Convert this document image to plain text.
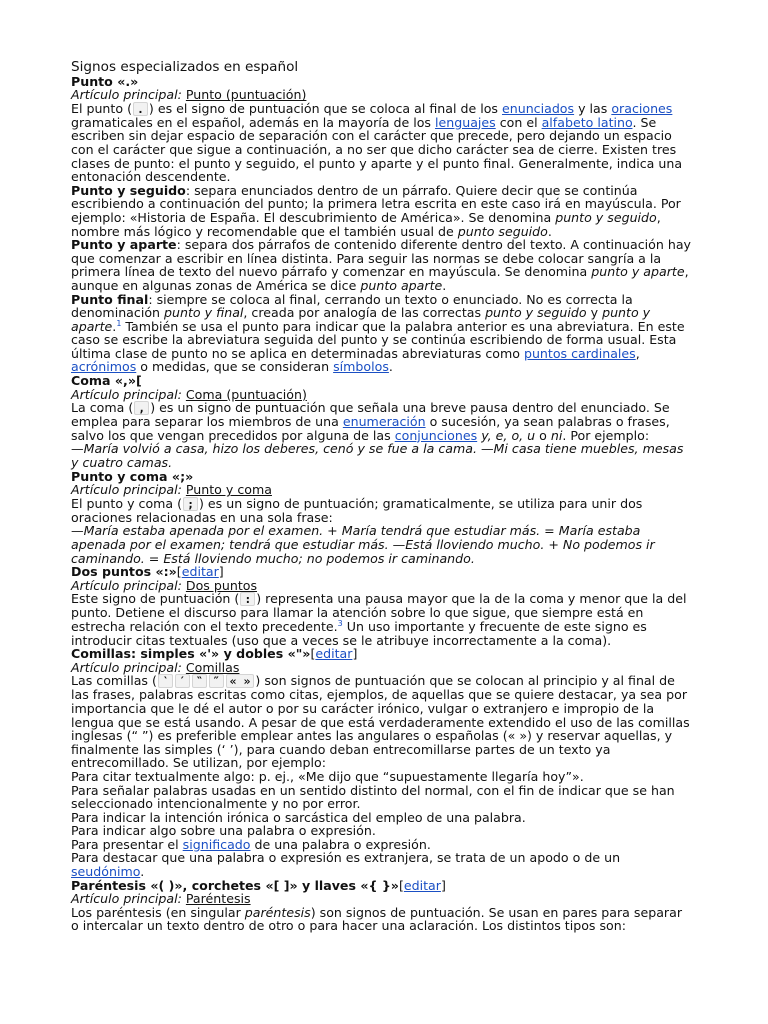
Signos especializados en español
Punto «.»
Artículo principal: Punto (puntuación)
El punto ( . ) es el signo de puntuación que se coloca al final de los enunciados y las oraciones gramaticales en el español, además en la mayoría de los lenguajes con el alfabeto latino. Se escriben sin dejar espacio de separación con el carácter que precede, pero dejando un espacio con el carácter que sigue a continuación, a no ser que dicho carácter sea de cierre. Existen tres clases de punto: el punto y seguido, el punto y aparte y el punto final. Generalmente, indica una entonación descendente.
Punto y seguido: separa enunciados dentro de un párrafo. Quiere decir que se continúa escribiendo a continuación del punto; la primera letra escrita en este caso irá en mayúscula. Por ejemplo: «Historia de España. El descubrimiento de América». Se denomina punto y seguido, nombre más lógico y recomendable que el también usual de punto seguido.
Punto y aparte: separa dos párrafos de contenido diferente dentro del texto. A continuación hay que comenzar a escribir en línea distinta. Para seguir las normas se debe colocar sangría a la primera línea de texto del nuevo párrafo y comenzar en mayúscula. Se denomina punto y aparte, aunque en algunas zonas de América se dice punto aparte.
Punto final: siempre se coloca al final, cerrando un texto o enunciado. No es correcta la denominación punto y final, creada por analogía de las correctas punto y seguido y punto y aparte.$^1$ También se usa el punto para indicar que la palabra anterior es una abreviatura. En este caso se escribe la abreviatura seguida del punto y se continúa escribiendo de forma usual. Esta última clase de punto no se aplica en determinadas abreviaturas como puntos cardinales, acrónimos o medidas, que se consideran símbolos.
Coma «,»[
Artículo principal: Coma (puntuación)
La coma ( , ) es un signo de puntuación que señala una breve pausa dentro del enunciado. Se emplea para separar los miembros de una enumeración o sucesión, ya sean palabras o frases, salvo los que vengan precedidos por alguna de las conjunciones y, e, o, u o ni. Por ejemplo:
—María volvió a casa, hizo los deberes, cenó y se fue a la cama. —Mi casa tiene muebles, mesas y cuatro camas.
Punto y coma «;»
Artículo principal: Punto y coma
El punto y coma ( ; ) es un signo de puntuación; gramaticalmente, se utiliza para unir dos oraciones relacionadas en una sola frase:
—María estaba apenada por el examen. + María tendrá que estudiar más. = María estaba apenada por el examen; tendrá que estudiar más. —Está lloviendo mucho. + No podemos ir caminando. = Está lloviendo mucho; no podemos ir caminando.
Dos puntos «:»[editar]
Artículo principal: Dos puntos
Este signo de puntuación ( : ) representa una pausa mayor que la de la coma y menor que la del punto. Detiene el discurso para llamar la atención sobre lo que sigue, que siempre está en estrecha relación con el texto precedente.$^3$ Un uso importante y frecuente de este signo es introducir citas textuales (uso que a veces se le atribuye incorrectamente a la coma).
Comillas: simples «'» y dobles «"»[editar]
Artículo principal: Comillas
Las comillas ( ‵ ′ ‶ ″ « » ) son signos de puntuación que se colocan al principio y al final de las frases, palabras escritas como citas, ejemplos, de aquellas que se quiere destacar, ya sea por importancia que le dé el autor o por su carácter irónico, vulgar o extranjero e impropio de la lengua que se está usando. A pesar de que está verdaderamente extendido el uso de las comillas inglesas (“ ”) es preferible emplear antes las angulares o españolas (« ») y reservar aquellas, y finalmente las simples (‘ ’), para cuando deban entrecomillarse partes de un texto ya entrecomillado. Se utilizan, por ejemplo:
Para citar textualmente algo: p. ej., «Me dijo que “supuestamente llegaría hoy”».
Para señalar palabras usadas en un sentido distinto del normal, con el fin de indicar que se han seleccionado intencionalmente y no por error.
Para indicar la intención irónica o sarcástica del empleo de una palabra.
Para indicar algo sobre una palabra o expresión.
Para presentar el significado de una palabra o expresión.
Para destacar que una palabra o expresión es extranjera, se trata de un apodo o de un seudónimo.
Paréntesis «( )», corchetes «[ ]» y llaves «{ }»[editar]
Artículo principal: Paréntesis
Los paréntesis (en singular paréntesis) son signos de puntuación. Se usan en pares para separar o intercalar un texto dentro de otro o para hacer una aclaración. Los distintos tipos son:
